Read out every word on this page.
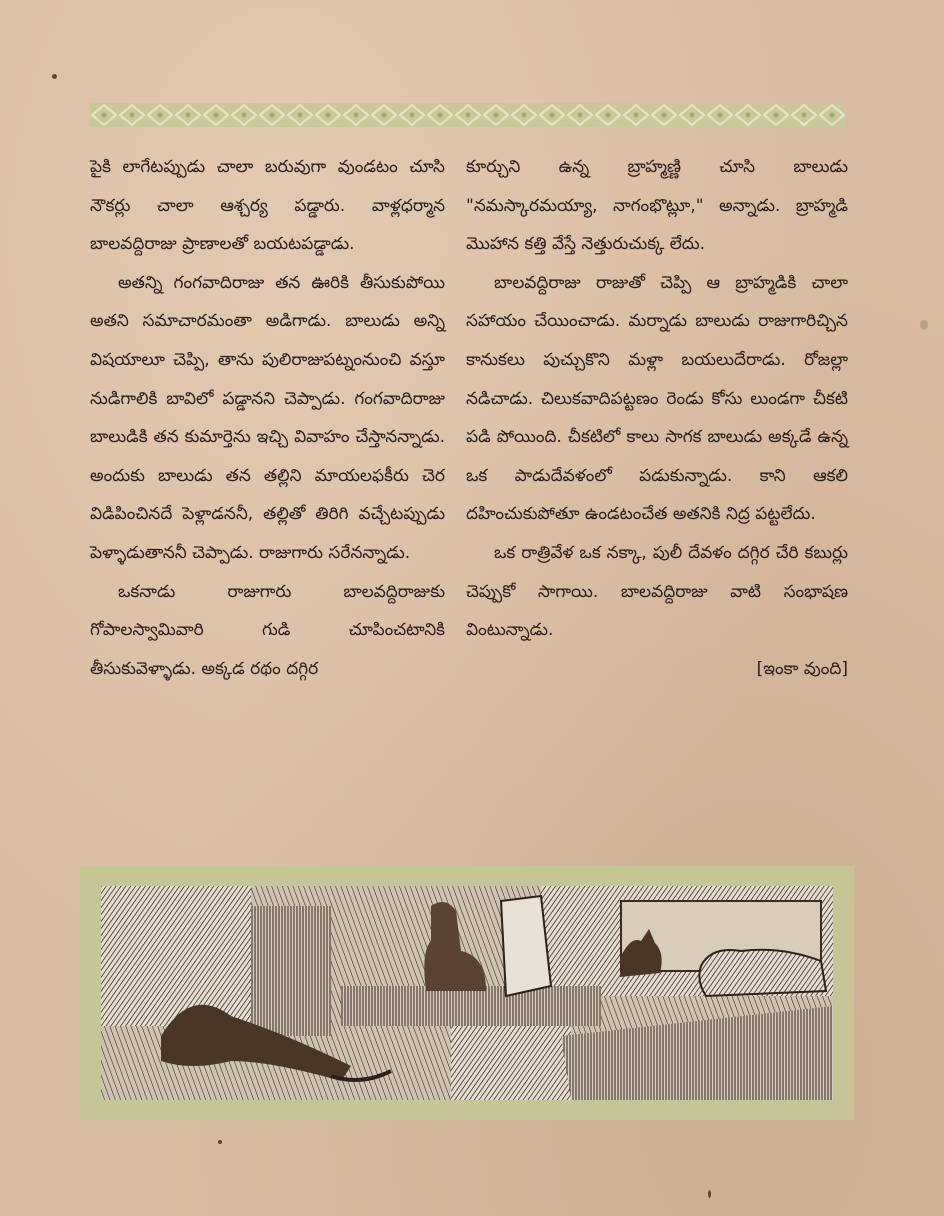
పైకి లాగేటప్పుడు చాలా బరువుగా వుండటం చూసి నౌకర్లు చాలా ఆశ్చర్య పడ్డారు. వాళ్లధర్మాన బాలవద్దిరాజు ప్రాణాలతో బయటపడ్డాడు.

అతన్ని గంగవాదిరాజు తన ఊరికి తీసుకుపోయి అతని సమాచారమంతా అడిగాడు. బాలుడు అన్ని విషయాలూ చెప్పి, తాను పులిరాజుపట్నంనుంచి వస్తూ నుడిగాలికి బావిలో పడ్డానని చెప్పాడు. గంగవాదిరాజు బాలుడికి తన కుమార్తెను ఇచ్చి వివాహం చేస్తానన్నాడు. అందుకు బాలుడు తన తల్లిని మాయలఫకీరు చెర విడిపించినదే పెళ్లాడననీ, తల్లితో తిరిగి వచ్చేటప్పుడు పెళ్ళాడుతాననీ చెప్పాడు. రాజుగారు సరేనన్నాడు.

ఒకనాడు రాజుగారు బాలవద్దిరాజుకు గోపాలస్వామివారి గుడి చూపించటానికి తీసుకువెళ్ళాడు. అక్కడ రథం దగ్గిర

కూర్చుని ఉన్న బ్రాహ్మణ్ణి చూసి బాలుడు "నమస్కారమయ్యా, నాగంభొట్లూ," అన్నాడు. బ్రాహ్మడి మొహాన కత్తి వేస్తే నెత్తురుచుక్క లేదు.

బాలవద్దిరాజు రాజుతో చెప్పి ఆ బ్రాహ్మడికి చాలా సహాయం చేయించాడు. మర్నాడు బాలుడు రాజుగారిచ్చిన కానుకలు పుచ్చుకొని మళ్లా బయలుదేరాడు. రోజల్లా నడిచాడు. చిలుకవాదిపట్టణం రెండు కోసు లుండగా చీకటి పడి పోయింది. చీకటిలో కాలు సాగక బాలుడు అక్కడే ఉన్న ఒక పాడుదేవళంలో పడుకున్నాడు. కాని ఆకలి దహించుకుపోతూ ఉండటంచేత అతనికి నిద్ర పట్టలేదు.

ఒక రాత్రివేళ ఒక నక్కా, పులీ దేవళం దగ్గిర చేరి కబుర్లు చెప్పుకో సాగాయి. బాలవద్దిరాజు వాటి సంభాషణ వింటున్నాడు.

[ఇంకా వుంది]
